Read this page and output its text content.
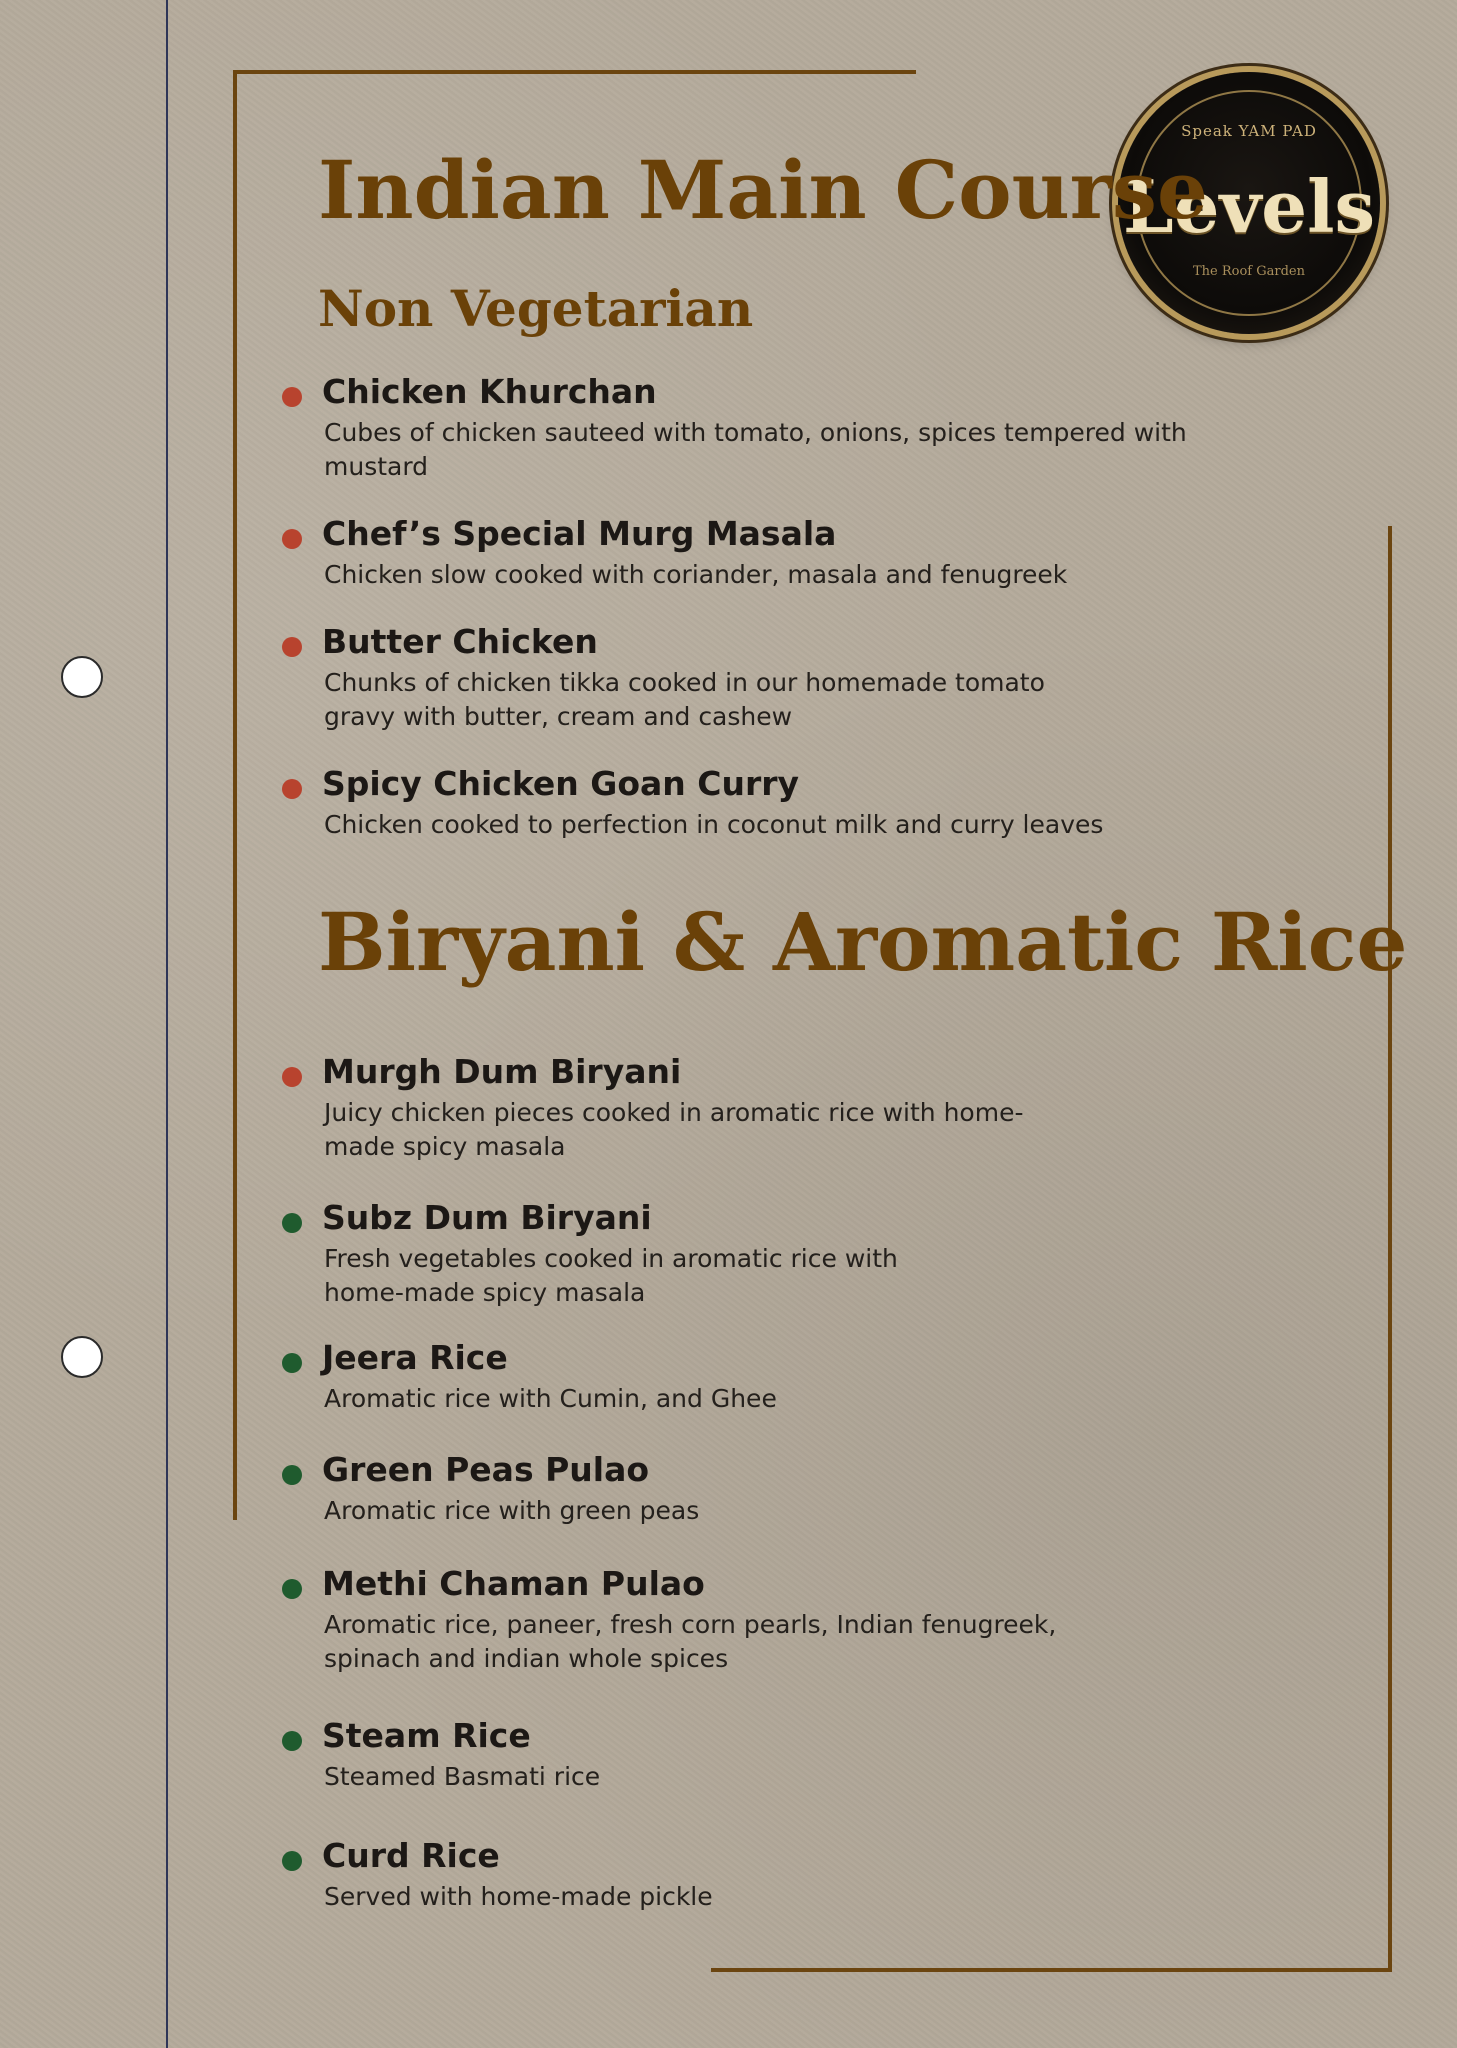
Speak YAM PAD
Levels
The Roof Garden
Indian Main Course
Non Vegetarian
Chicken Khurchan
Cubes of chicken sauteed with tomato, onions, spices tempered with mustard
Chef’s Special Murg Masala
Chicken slow cooked with coriander, masala and fenugreek
Butter Chicken
Chunks of chicken tikka cooked in our homemade tomato gravy with butter, cream and cashew
Spicy Chicken Goan Curry
Chicken cooked to perfection in coconut milk and curry leaves
Biryani & Aromatic Rice
Murgh Dum Biryani
Juicy chicken pieces cooked in aromatic rice with home-made spicy masala
Subz Dum Biryani
Fresh vegetables cooked in aromatic rice with home-made spicy masala
Jeera Rice
Aromatic rice with Cumin, and Ghee
Green Peas Pulao
Aromatic rice with green peas
Methi Chaman Pulao
Aromatic rice, paneer, fresh corn pearls, Indian fenugreek, spinach and indian whole spices
Steam Rice
Steamed Basmati rice
Curd Rice
Served with home-made pickle
